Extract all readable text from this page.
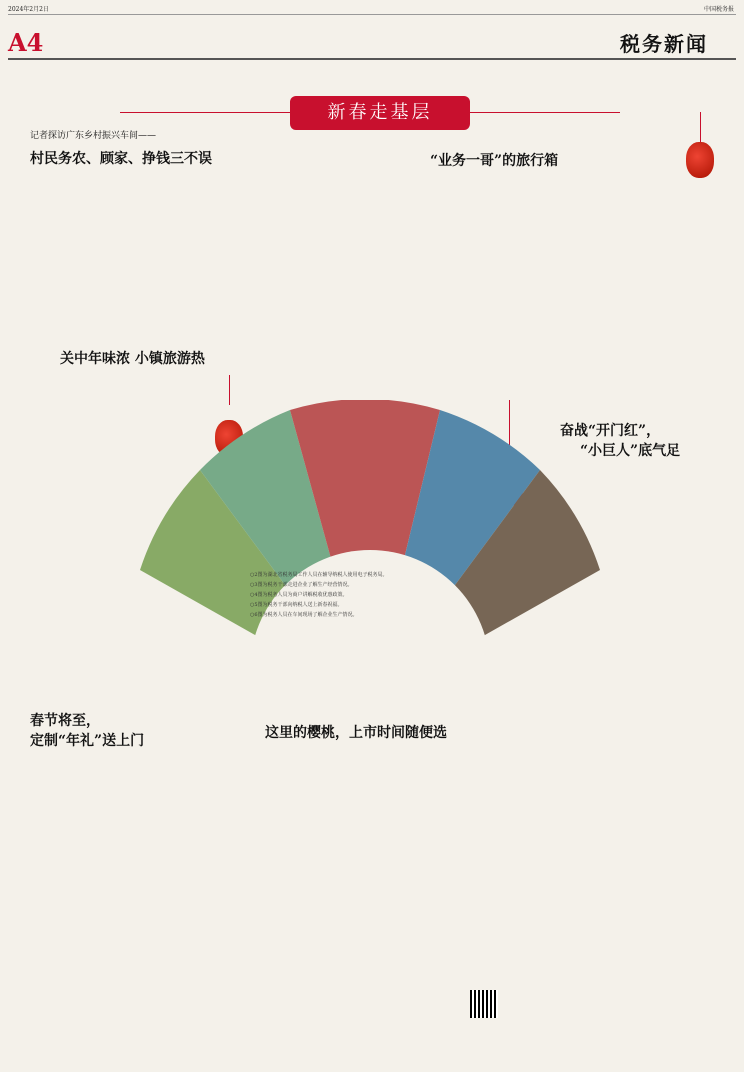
2024年2月2日	中国税务报
A4	税务新闻
新春走基层
记者探访广东乡村振兴车间——
村民务农、顾家、挣钱三不误	“业务一哥”的旅行箱
关中年味浓 小镇旅游热
○2图为湖北省税务局工作人员在辅导纳税人使用电子税务局。
○3图为税务干部走进企业了解生产经营情况。
○4图为税务人员为商户讲解税收优惠政策。
○5图为税务干部向纳税人送上新春祝福。
○6图为税务人员在车间现场了解企业生产情况。
奋战“开门红”，
“小巨人”底气足
春节将至，
定制“年礼”送上门	这里的樱桃，上市时间随便选
